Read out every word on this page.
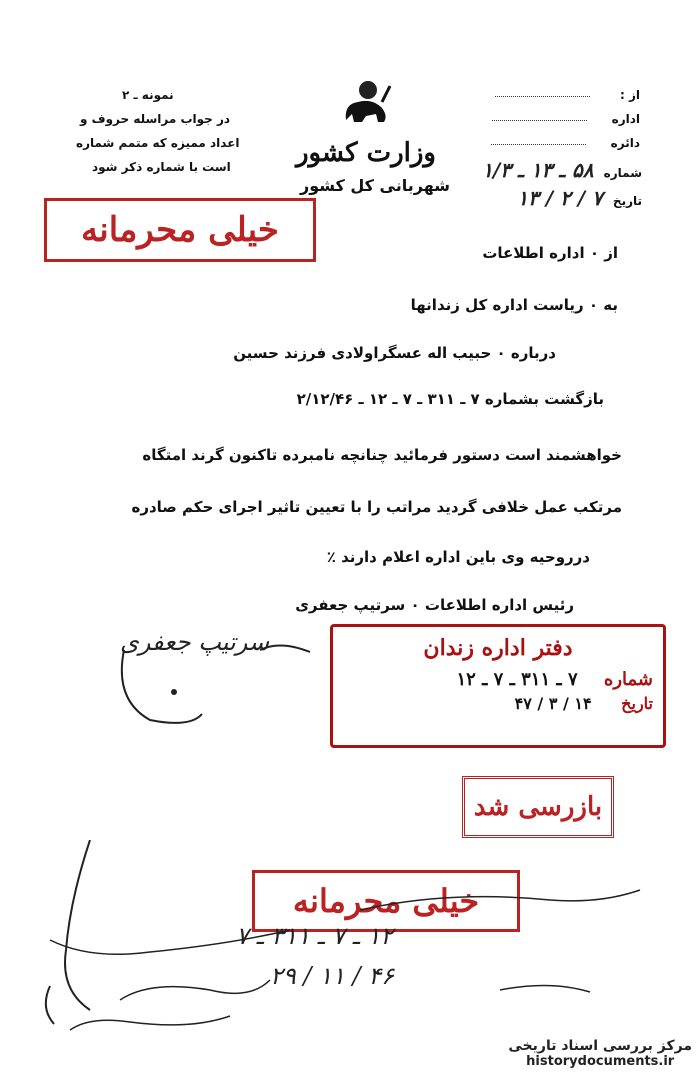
نمونه ـ ۲
در جواب مراسله حروف و
اعداد ممیزه که متمم شماره
است با شماره ذکر شود	وزارت کشور
شهربانی کل کشور
از :
اداره
دائره
شماره ۵۸ ـ ۱۳ ـ ۱/۳
تاریخ ۷ / ۲ / ۱۳
خیلی محرمانه
از ۰ اداره اطلاعات
به ۰ ریاست اداره کل زندانها
درباره ۰ حبیب اله عسگراولادی فرزند حسین
بازگشت بشماره ۷ ـ ۳۱۱ ـ ۷ ـ ۱۲ ـ ۲/۱۲/۴۶
خواهشمند است دستور فرمائید چنانچه نامبرده تاکنون گرند امتگاه
مرتکب عمل خلافی گردید مراتب را با تعیین تاثیر اجرای حکم صادره
درروحیه وی باین اداره اعلام دارند ٪
رئیس اداره اطلاعات ۰ سرتیپ جعفری
سرتیپ جعفری	دفتر اداره زندان
شماره ۷ ـ ۳۱۱ ـ ۷ ـ ۱۲
تاریخ ۱۴ / ۳ / ۴۷
بازرسی شد
خیلی محرمانه
۱۲ ـ ۷ ـ ۳۱۱ ـ ۷
۴۶ / ۱۱ / ۲۹
مرکز بررسی اسناد تاریخی
historydocuments.ir
